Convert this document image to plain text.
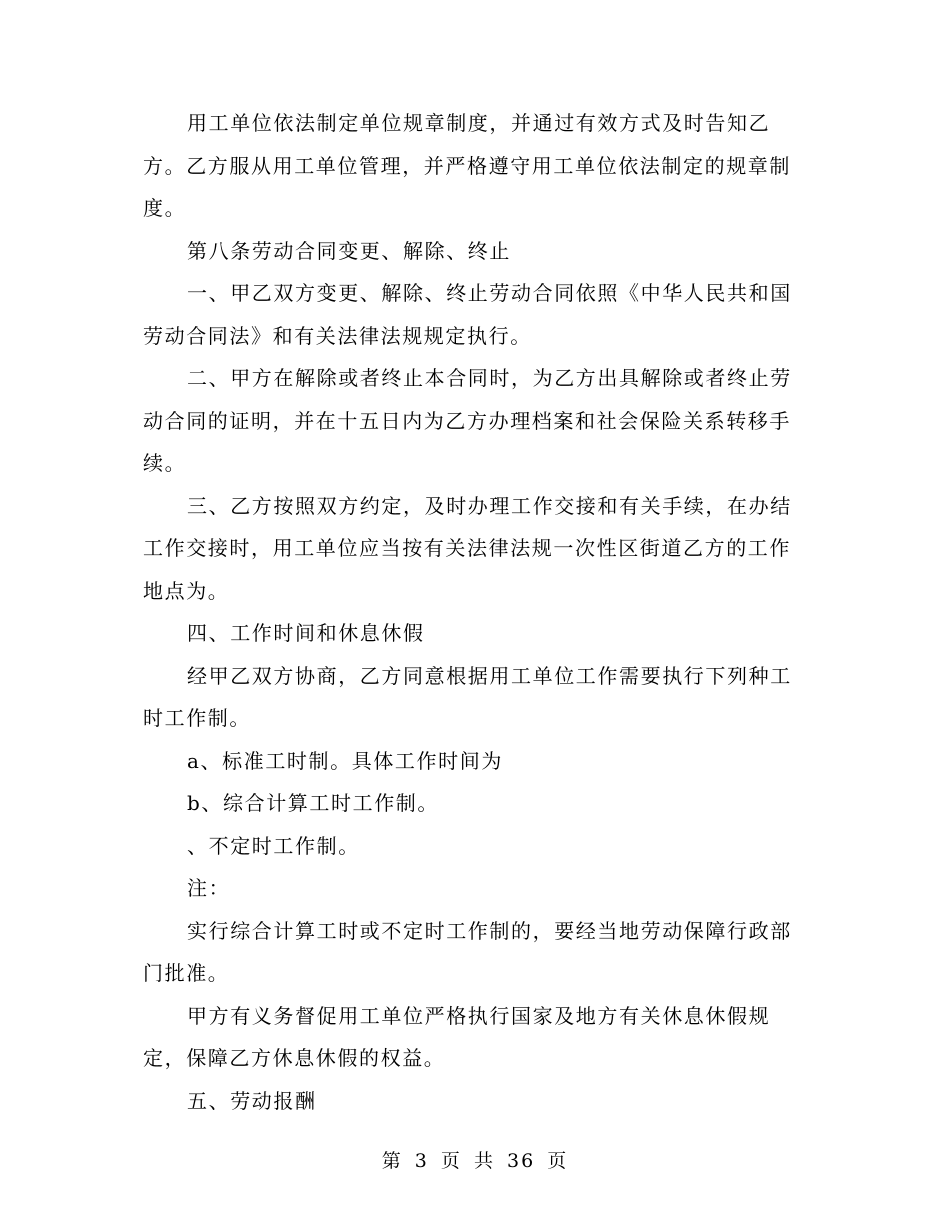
用工单位依法制定单位规章制度，并通过有效方式及时告知乙方。乙方服从用工单位管理，并严格遵守用工单位依法制定的规章制度。

第八条劳动合同变更、解除、终止

一、甲乙双方变更、解除、终止劳动合同依照《中华人民共和国劳动合同法》和有关法律法规规定执行。

二、甲方在解除或者终止本合同时，为乙方出具解除或者终止劳动合同的证明，并在十五日内为乙方办理档案和社会保险关系转移手续。

三、乙方按照双方约定，及时办理工作交接和有关手续，在办结工作交接时，用工单位应当按有关法律法规一次性区街道乙方的工作地点为。

四、工作时间和休息休假

经甲乙双方协商，乙方同意根据用工单位工作需要执行下列种工时工作制。

a、标准工时制。具体工作时间为

b、综合计算工时工作制。

、不定时工作制。

注：

实行综合计算工时或不定时工作制的，要经当地劳动保障行政部门批准。

甲方有义务督促用工单位严格执行国家及地方有关休息休假规定，保障乙方休息休假的权益。

五、劳动报酬

第 3 页 共 36 页
